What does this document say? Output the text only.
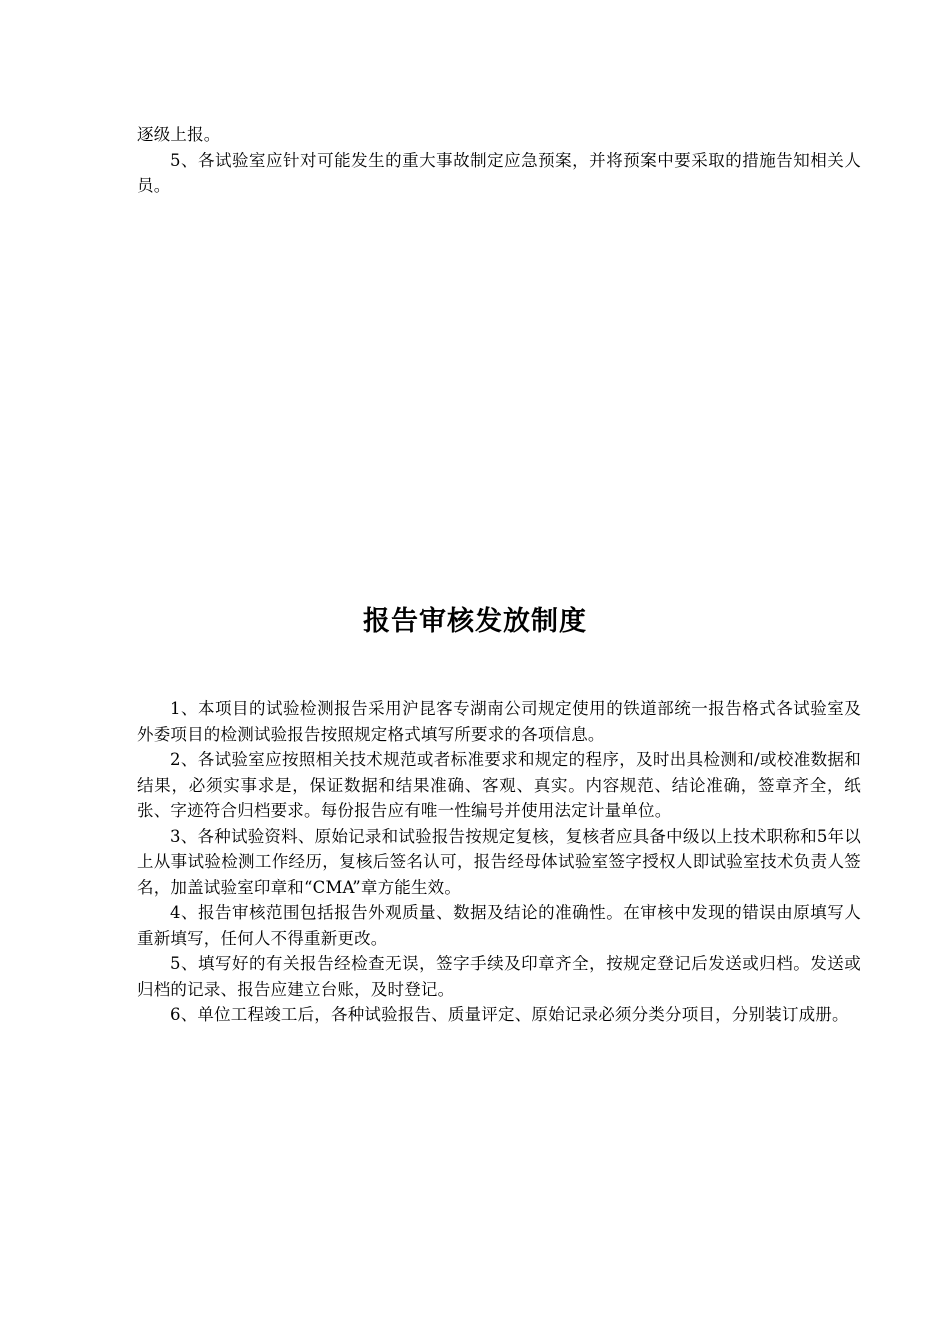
逐级上报。

5、各试验室应针对可能发生的重大事故制定应急预案，并将预案中要采取的措施告知相关人员。

报告审核发放制度

1、本项目的试验检测报告采用沪昆客专湖南公司规定使用的铁道部统一报告格式各试验室及外委项目的检测试验报告按照规定格式填写所要求的各项信息。

2、各试验室应按照相关技术规范或者标准要求和规定的程序，及时出具检测和/或校准数据和结果，必须实事求是，保证数据和结果准确、客观、真实。内容规范、结论准确，签章齐全，纸张、字迹符合归档要求。每份报告应有唯一性编号并使用法定计量单位。

3、各种试验资料、原始记录和试验报告按规定复核，复核者应具备中级以上技术职称和5年以上从事试验检测工作经历，复核后签名认可，报告经母体试验室签字授权人即试验室技术负责人签名，加盖试验室印章和“CMA”章方能生效。

4、报告审核范围包括报告外观质量、数据及结论的准确性。在审核中发现的错误由原填写人重新填写，任何人不得重新更改。

5、填写好的有关报告经检查无误，签字手续及印章齐全，按规定登记后发送或归档。发送或归档的记录、报告应建立台账，及时登记。

6、单位工程竣工后，各种试验报告、质量评定、原始记录必须分类分项目，分别装订成册。
